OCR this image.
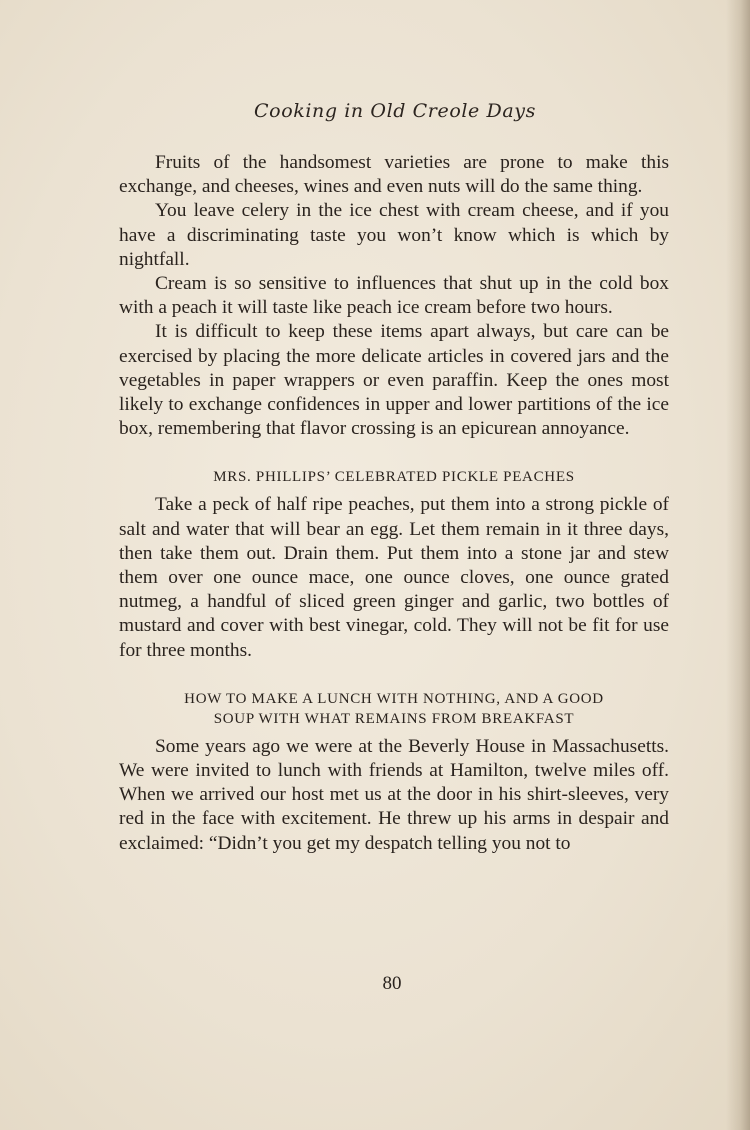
Cooking in Old Creole Days

Fruits of the handsomest varieties are prone to make this exchange, and cheeses, wines and even nuts will do the same thing.

You leave celery in the ice chest with cream cheese, and if you have a discriminating taste you won’t know which is which by nightfall.

Cream is so sensitive to influences that shut up in the cold box with a peach it will taste like peach ice cream before two hours.

It is difficult to keep these items apart always, but care can be exercised by placing the more delicate articles in covered jars and the vegetables in paper wrappers or even paraffin. Keep the ones most likely to exchange confidences in upper and lower partitions of the ice box, remembering that flavor crossing is an epicurean annoyance.

MRS. PHILLIPS’ CELEBRATED PICKLE PEACHES

Take a peck of half ripe peaches, put them into a strong pickle of salt and water that will bear an egg. Let them remain in it three days, then take them out. Drain them. Put them into a stone jar and stew them over one ounce mace, one ounce cloves, one ounce grated nutmeg, a handful of sliced green ginger and garlic, two bottles of mustard and cover with best vinegar, cold. They will not be fit for use for three months.

HOW TO MAKE A LUNCH WITH NOTHING, AND A GOOD
SOUP WITH WHAT REMAINS FROM BREAKFAST

Some years ago we were at the Beverly House in Massachusetts. We were invited to lunch with friends at Hamilton, twelve miles off. When we arrived our host met us at the door in his shirt-sleeves, very red in the face with excitement. He threw up his arms in despair and exclaimed: “Didn’t you get my despatch telling you not to

80
